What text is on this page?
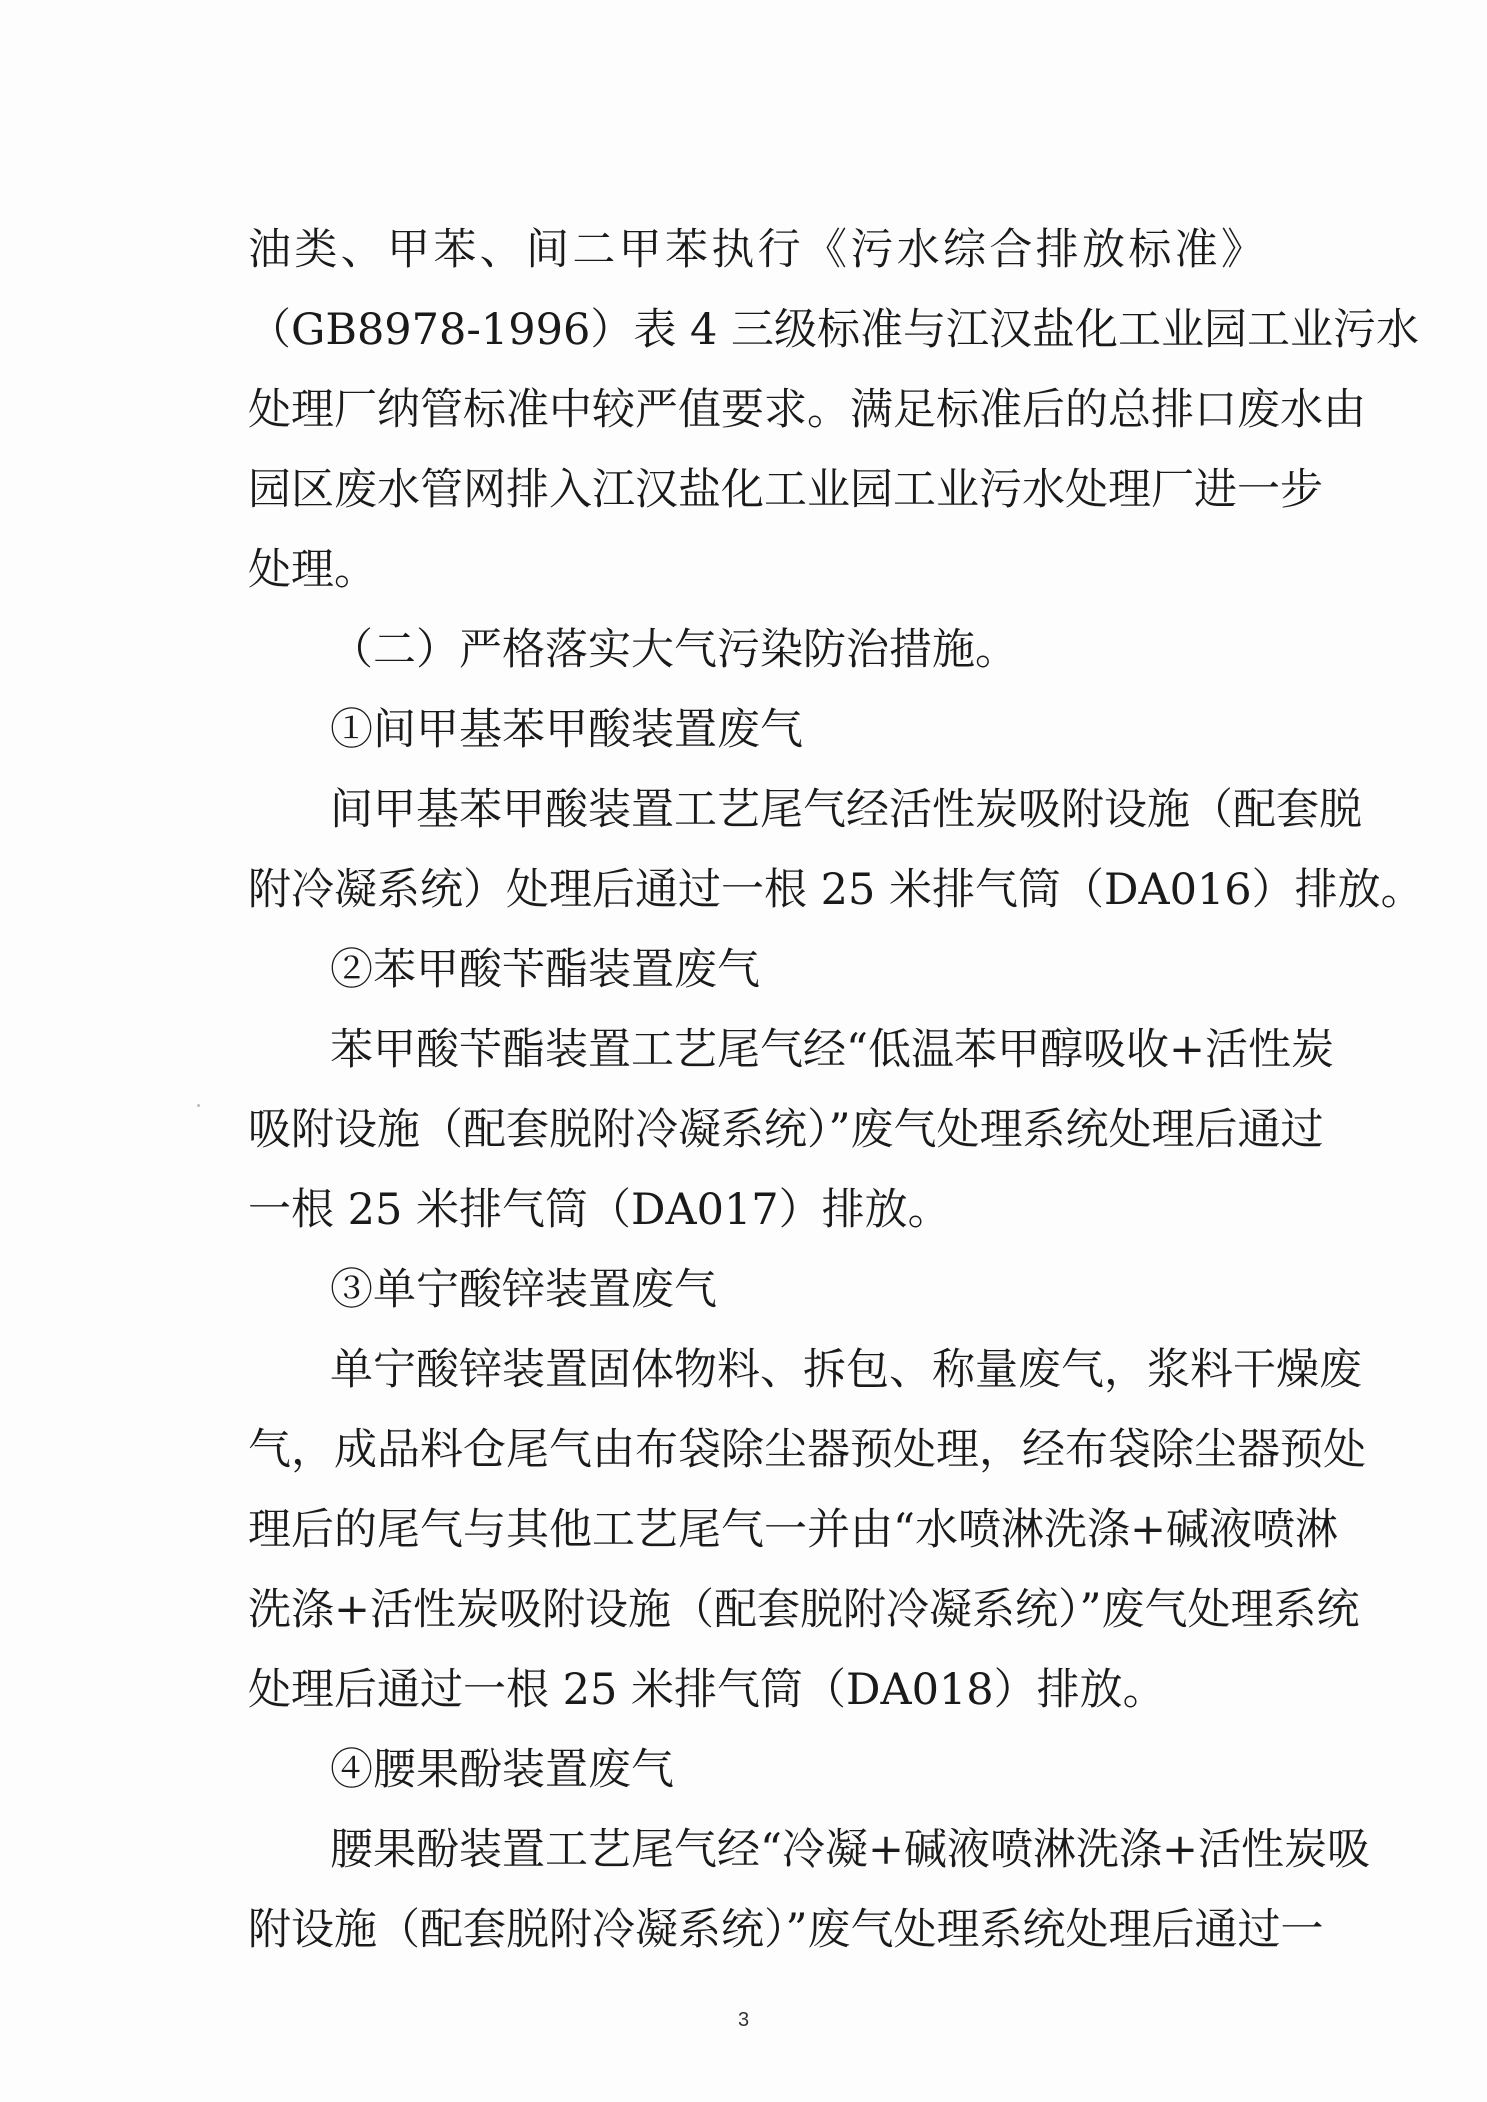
油类、甲苯、间二甲苯执行《污水综合排放标准》
（GB8978-1996）表 4 三级标准与江汉盐化工业园工业污水
处理厂纳管标准中较严值要求。满足标准后的总排口废水由
园区废水管网排入江汉盐化工业园工业污水处理厂进一步
处理。
（二）严格落实大气污染防治措施。
①间甲基苯甲酸装置废气
间甲基苯甲酸装置工艺尾气经活性炭吸附设施（配套脱
附冷凝系统）处理后通过一根 25 米排气筒（DA016）排放。
②苯甲酸苄酯装置废气
苯甲酸苄酯装置工艺尾气经“低温苯甲醇吸收+活性炭
吸附设施（配套脱附冷凝系统）”废气处理系统处理后通过
一根 25 米排气筒（DA017）排放。
③单宁酸锌装置废气
单宁酸锌装置固体物料、拆包、称量废气，浆料干燥废
气，成品料仓尾气由布袋除尘器预处理，经布袋除尘器预处
理后的尾气与其他工艺尾气一并由“水喷淋洗涤+碱液喷淋
洗涤+活性炭吸附设施（配套脱附冷凝系统）”废气处理系统
处理后通过一根 25 米排气筒（DA018）排放。
④腰果酚装置废气
腰果酚装置工艺尾气经“冷凝+碱液喷淋洗涤+活性炭吸
附设施（配套脱附冷凝系统）”废气处理系统处理后通过一
3
